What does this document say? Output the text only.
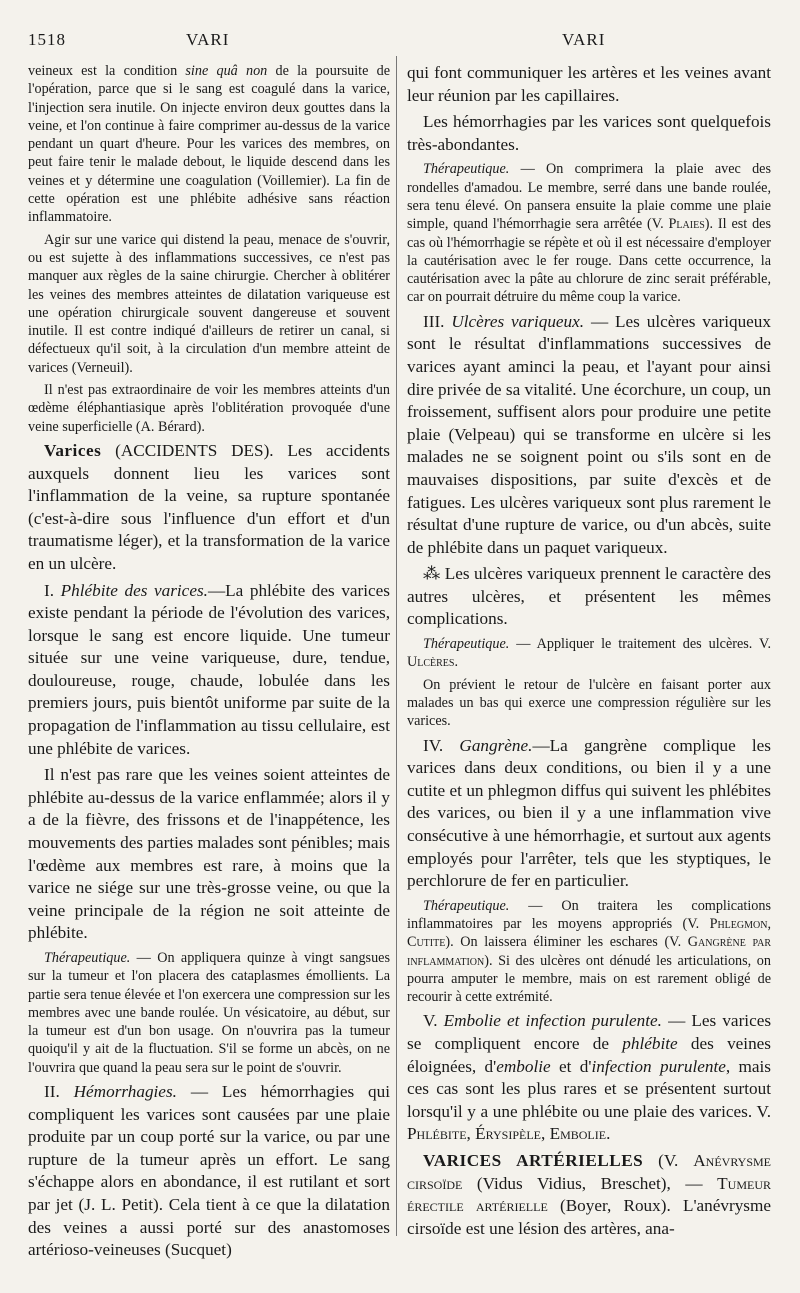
1518	VARI	VARI

veineux est la condition sine quâ non de la poursuite de l'opération, parce que si le sang est coagulé dans la varice, l'injection sera inutile. On injecte environ deux gouttes dans la veine, et l'on continue à faire comprimer au-dessus de la varice pendant un quart d'heure. Pour les varices des membres, on peut faire tenir le malade debout, le liquide descend dans les veines et y détermine une coagulation (Voillemier). La fin de cette opération est une phlébite adhésive sans réaction inflammatoire.

Agir sur une varice qui distend la peau, menace de s'ouvrir, ou est sujette à des inflammations successives, ce n'est pas manquer aux règles de la saine chirurgie. Chercher à oblitérer les veines des membres atteintes de dilatation variqueuse est une opération chirurgicale souvent dangereuse et souvent inutile. Il est contre indiqué d'ailleurs de retirer un canal, si défectueux qu'il soit, à la circulation d'un membre atteint de varices (Verneuil).

Il n'est pas extraordinaire de voir les membres atteints d'un œdème éléphantiasique après l'oblitération provoquée d'une veine superficielle (A. Bérard).

Varices (ACCIDENTS DES). Les accidents auxquels donnent lieu les varices sont l'inflammation de la veine, sa rupture spontanée (c'est-à-dire sous l'influence d'un effort et d'un traumatisme léger), et la transformation de la varice en un ulcère.

I. Phlébite des varices.—La phlébite des varices existe pendant la période de l'évolution des varices, lorsque le sang est encore liquide. Une tumeur située sur une veine variqueuse, dure, tendue, douloureuse, rouge, chaude, lobulée dans les premiers jours, puis bientôt uniforme par suite de la propagation de l'inflammation au tissu cellulaire, est une phlébite de varices.

Il n'est pas rare que les veines soient atteintes de phlébite au-dessus de la varice enflammée; alors il y a de la fièvre, des frissons et de l'inappétence, les mouvements des parties malades sont pénibles; mais l'œdème aux membres est rare, à moins que la varice ne siége sur une très-grosse veine, ou que la veine principale de la région ne soit atteinte de phlébite.

Thérapeutique. — On appliquera quinze à vingt sangsues sur la tumeur et l'on placera des cataplasmes émollients. La partie sera tenue élevée et l'on exercera une compression sur les membres avec une bande roulée. Un vésicatoire, au début, sur la tumeur est d'un bon usage. On n'ouvrira pas la tumeur quoiqu'il y ait de la fluctuation. S'il se forme un abcès, on ne l'ouvrira que quand la peau sera sur le point de s'ouvrir.

II. Hémorrhagies. — Les hémorrhagies qui compliquent les varices sont causées par une plaie produite par un coup porté sur la varice, ou par une rupture de la tumeur après un effort. Le sang s'échappe alors en abondance, il est rutilant et sort par jet (J. L. Petit). Cela tient à ce que la dilatation des veines a aussi porté sur des anastomoses artérioso-veineuses (Sucquet)

qui font communiquer les artères et les veines avant leur réunion par les capillaires.

Les hémorrhagies par les varices sont quelquefois très-abondantes.

Thérapeutique. — On comprimera la plaie avec des rondelles d'amadou. Le membre, serré dans une bande roulée, sera tenu élevé. On pansera ensuite la plaie comme une plaie simple, quand l'hémorrhagie sera arrêtée (V. Plaies). Il est des cas où l'hémorrhagie se répète et où il est nécessaire d'employer la cautérisation avec le fer rouge. Dans cette occurrence, la cautérisation avec la pâte au chlorure de zinc serait préférable, car on pourrait détruire du même coup la varice.

III. Ulcères variqueux. — Les ulcères variqueux sont le résultat d'inflammations successives de varices ayant aminci la peau, et l'ayant pour ainsi dire privée de sa vitalité. Une écorchure, un coup, un froissement, suffisent alors pour produire une petite plaie (Velpeau) qui se transforme en ulcère si les malades ne se soignent point ou s'ils sont en de mauvaises dispositions, par suite d'excès et de fatigues. Les ulcères variqueux sont plus rarement le résultat d'une rupture de varice, ou d'un abcès, suite de phlébite dans un paquet variqueux.

⁂ Les ulcères variqueux prennent le caractère des autres ulcères, et présentent les mêmes complications.

Thérapeutique. — Appliquer le traitement des ulcères. V. Ulcères.

On prévient le retour de l'ulcère en faisant porter aux malades un bas qui exerce une compression régulière sur les varices.

IV. Gangrène.—La gangrène complique les varices dans deux conditions, ou bien il y a une cutite et un phlegmon diffus qui suivent les phlébites des varices, ou bien il y a une inflammation vive consécutive à une hémorrhagie, et surtout aux agents employés pour l'arrêter, tels que les styptiques, le perchlorure de fer en particulier.

Thérapeutique. — On traitera les complications inflammatoires par les moyens appropriés (V. Phlegmon, Cutite). On laissera éliminer les eschares (V. Gangrène par inflammation). Si des ulcères ont dénudé les articulations, on pourra amputer le membre, mais on est rarement obligé de recourir à cette extrémité.

V. Embolie et infection purulente. — Les varices se compliquent encore de phlébite des veines éloignées, d'embolie et d'infection purulente, mais ces cas sont les plus rares et se présentent surtout lorsqu'il y a une phlébite ou une plaie des varices. V. Phlébite, Érysipèle, Embolie.

VARICES ARTÉRIELLES (V. Anévrysme cirsoïde (Vidus Vidius, Breschet), — Tumeur érectile artérielle (Boyer, Roux). L'anévrysme cirsoïde est une lésion des artères, ana-
